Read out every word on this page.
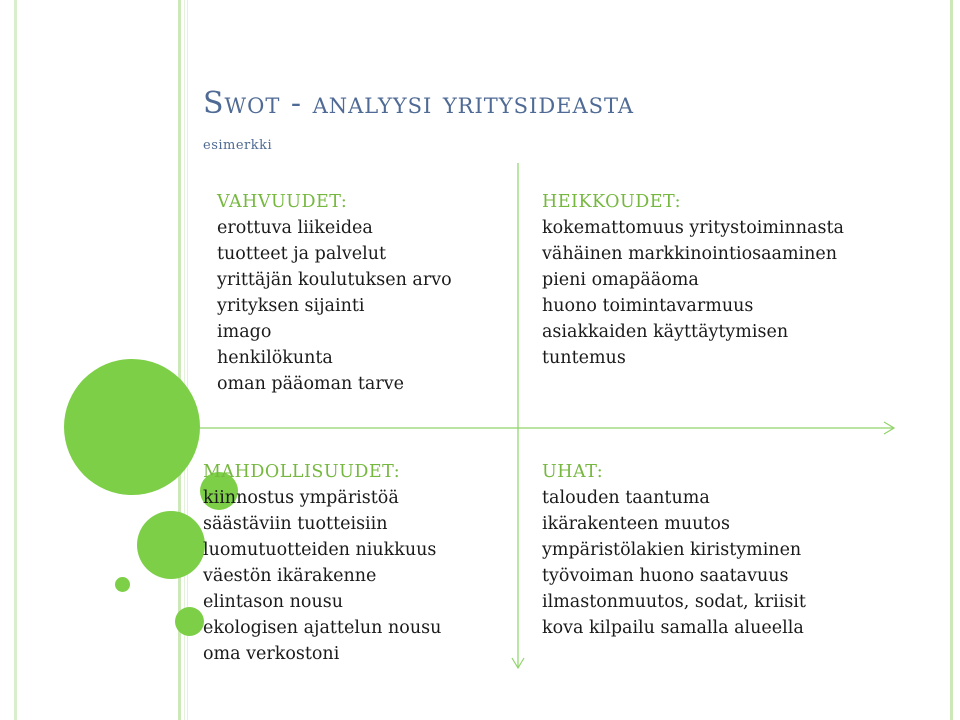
Swot - analyysi yritysideasta
esimerkki
VAHVUUDET:
erottuva liikeidea
tuotteet ja palvelut
yrittäjän koulutuksen arvo
yrityksen sijainti
imago
henkilökunta
oman pääoman tarve
HEIKKOUDET:
kokemattomuus yritystoiminnasta
vähäinen markkinointiosaaminen
pieni omapääoma
huono toimintavarmuus
asiakkaiden käyttäytymisen
tuntemus
MAHDOLLISUUDET:
kiinnostus ympäristöä
säästäviin tuotteisiin
luomutuotteiden niukkuus
väestön ikärakenne
elintason nousu
ekologisen ajattelun nousu
oma verkostoni
UHAT:
talouden taantuma
ikärakenteen muutos
ympäristölakien kiristyminen
työvoiman huono saatavuus
ilmastonmuutos, sodat, kriisit
kova kilpailu samalla alueella
